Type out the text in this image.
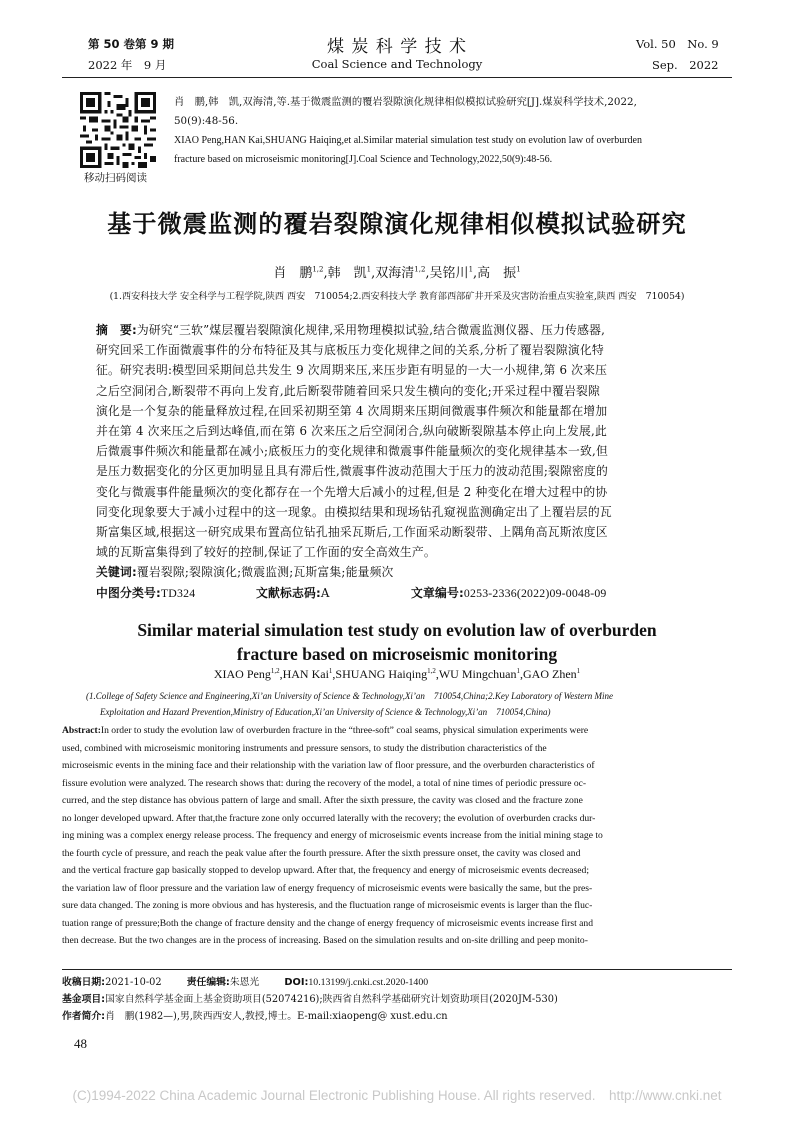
第 50 卷第 9 期
2022 年　9 月
煤 炭 科 学 技 术
Coal Science and Technology
Vol. 50　No. 9
Sep.　2022
移动扫码阅读
肖　鹏,韩　凯,双海清,等.基于微震监测的覆岩裂隙演化规律相似模拟试验研究[J].煤炭科学技术,2022,
50(9):48-56.
XIAO Peng,HAN Kai,SHUANG Haiqing,et al.Similar material simulation test study on evolution law of overburden
fracture based on microseismic monitoring[J].Coal Science and Technology,2022,50(9):48-56.
基于微震监测的覆岩裂隙演化规律相似模拟试验研究
肖　鹏$^{1,2}$,韩　凯$^1$,双海清$^{1,2}$,吴铭川$^1$,高　振$^1$
(1.西安科技大学 安全科学与工程学院,陕西 西安　710054;2.西安科技大学 教育部西部矿井开采及灾害防治重点实验室,陕西 西安　710054)
摘　要:为研究“三软”煤层覆岩裂隙演化规律,采用物理模拟试验,结合微震监测仪器、压力传感器,
研究回采工作面微震事件的分布特征及其与底板压力变化规律之间的关系,分析了覆岩裂隙演化特
征。研究表明:模型回采期间总共发生 9 次周期来压,来压步距有明显的一大一小规律,第 6 次来压
之后空洞闭合,断裂带不再向上发育,此后断裂带随着回采只发生横向的变化;开采过程中覆岩裂隙
演化是一个复杂的能量释放过程,在回采初期至第 4 次周期来压期间微震事件频次和能量都在增加
并在第 4 次来压之后到达峰值,而在第 6 次来压之后空洞闭合,纵向破断裂隙基本停止向上发展,此
后微震事件频次和能量都在减小;底板压力的变化规律和微震事件能量频次的变化规律基本一致,但
是压力数据变化的分区更加明显且具有滞后性,微震事件波动范围大于压力的波动范围;裂隙密度的
变化与微震事件能量频次的变化都存在一个先增大后减小的过程,但是 2 种变化在增大过程中的协
同变化现象要大于减小过程中的这一现象。由模拟结果和现场钻孔窥视监测确定出了上覆岩层的瓦
斯富集区域,根据这一研究成果布置高位钻孔抽采瓦斯后,工作面采动断裂带、上隅角高瓦斯浓度区
域的瓦斯富集得到了较好的控制,保证了工作面的安全高效生产。
关键词:覆岩裂隙;裂隙演化;微震监测;瓦斯富集;能量频次
中图分类号:TD324	文献标志码:A	文章编号:0253-2336(2022)09-0048-09
Similar material simulation test study on evolution law of overburden
fracture based on microseismic monitoring
XIAO Peng$^{1,2}$,HAN Kai$^1$,SHUANG Haiqing$^{1,2}$,WU Mingchuan$^1$,GAO Zhen$^1$
(1.College of Safety Science and Engineering,Xi’an University of Science & Technology,Xi’an　710054,China;2.Key Laboratory of Western Mine
Exploitation and Hazard Prevention,Ministry of Education,Xi’an University of Science & Technology,Xi’an　710054,China)
Abstract:In order to study the evolution law of overburden fracture in the “three-soft” coal seams, physical simulation experiments were
used, combined with microseismic monitoring instruments and pressure sensors, to study the distribution characteristics of the
microseismic events in the mining face and their relationship with the variation law of floor pressure, and the overburden characteristics of
fissure evolution were analyzed. The research shows that: during the recovery of the model, a total of nine times of periodic pressure oc-
curred, and the step distance has obvious pattern of large and small. After the sixth pressure, the cavity was closed and the fracture zone
no longer developed upward. After that,the fracture zone only occurred laterally with the recovery; the evolution of overburden cracks dur-
ing mining was a complex energy release process. The frequency and energy of microseismic events increase from the initial mining stage to
the fourth cycle of pressure, and reach the peak value after the fourth pressure. After the sixth pressure onset, the cavity was closed and
and the vertical fracture gap basically stopped to develop upward. After that, the frequency and energy of microseismic events decreased;
the variation law of floor pressure and the variation law of energy frequency of microseismic events were basically the same, but the pres-
sure data changed. The zoning is more obvious and has hysteresis, and the fluctuation range of microseismic events is larger than the fluc-
tuation range of pressure;Both the change of fracture density and the change of energy frequency of microseismic events increase first and
then decrease. But the two changes are in the process of increasing. Based on the simulation results and on-site drilling and peep monito-
收稿日期:2021-10-02	责任编辑:朱恩光	DOI:10.13199/j.cnki.cst.2020-1400
基金项目:国家自然科学基金面上基金资助项目(52074216);陕西省自然科学基础研究计划资助项目(2020JM-530)
作者简介:肖　鹏(1982—),男,陕西西安人,教授,博士。E-mail:xiaopeng@ xust.edu.cn
48
(C)1994-2022 China Academic Journal Electronic Publishing House. All rights reserved.　http://www.cnki.net
